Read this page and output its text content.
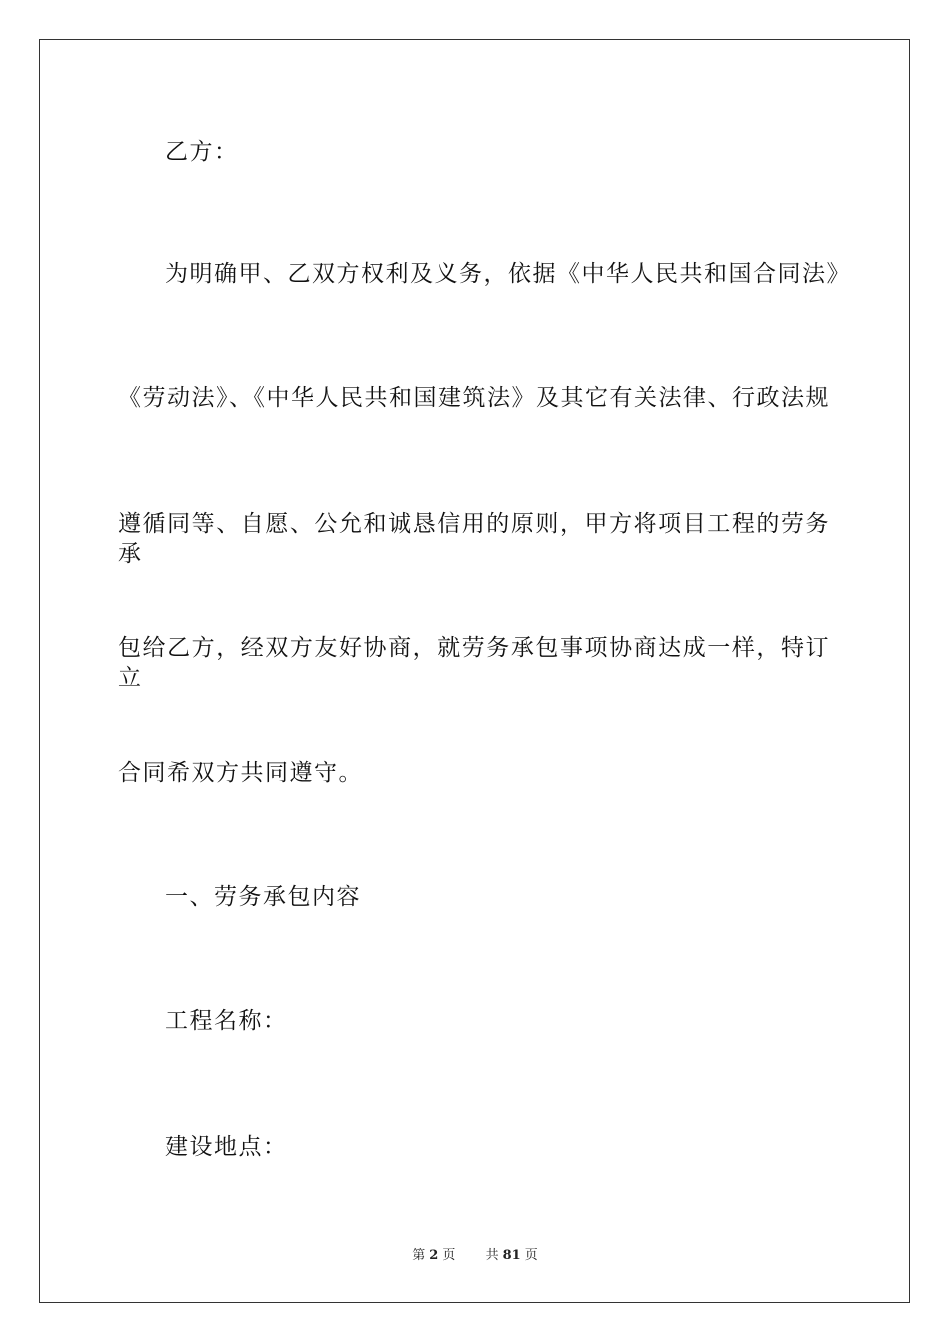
乙方：
为明确甲、乙双方权利及义务，依据《中华人民共和国合同法》
《劳动法》、《中华人民共和国建筑法》及其它有关法律、行政法规
遵循同等、自愿、公允和诚恳信用的原则，甲方将项目工程的劳务承
包给乙方，经双方友好协商，就劳务承包事项协商达成一样，特订立
合同希双方共同遵守。
一、劳务承包内容
工程名称：
建设地点：
第 2 页 共 81 页
